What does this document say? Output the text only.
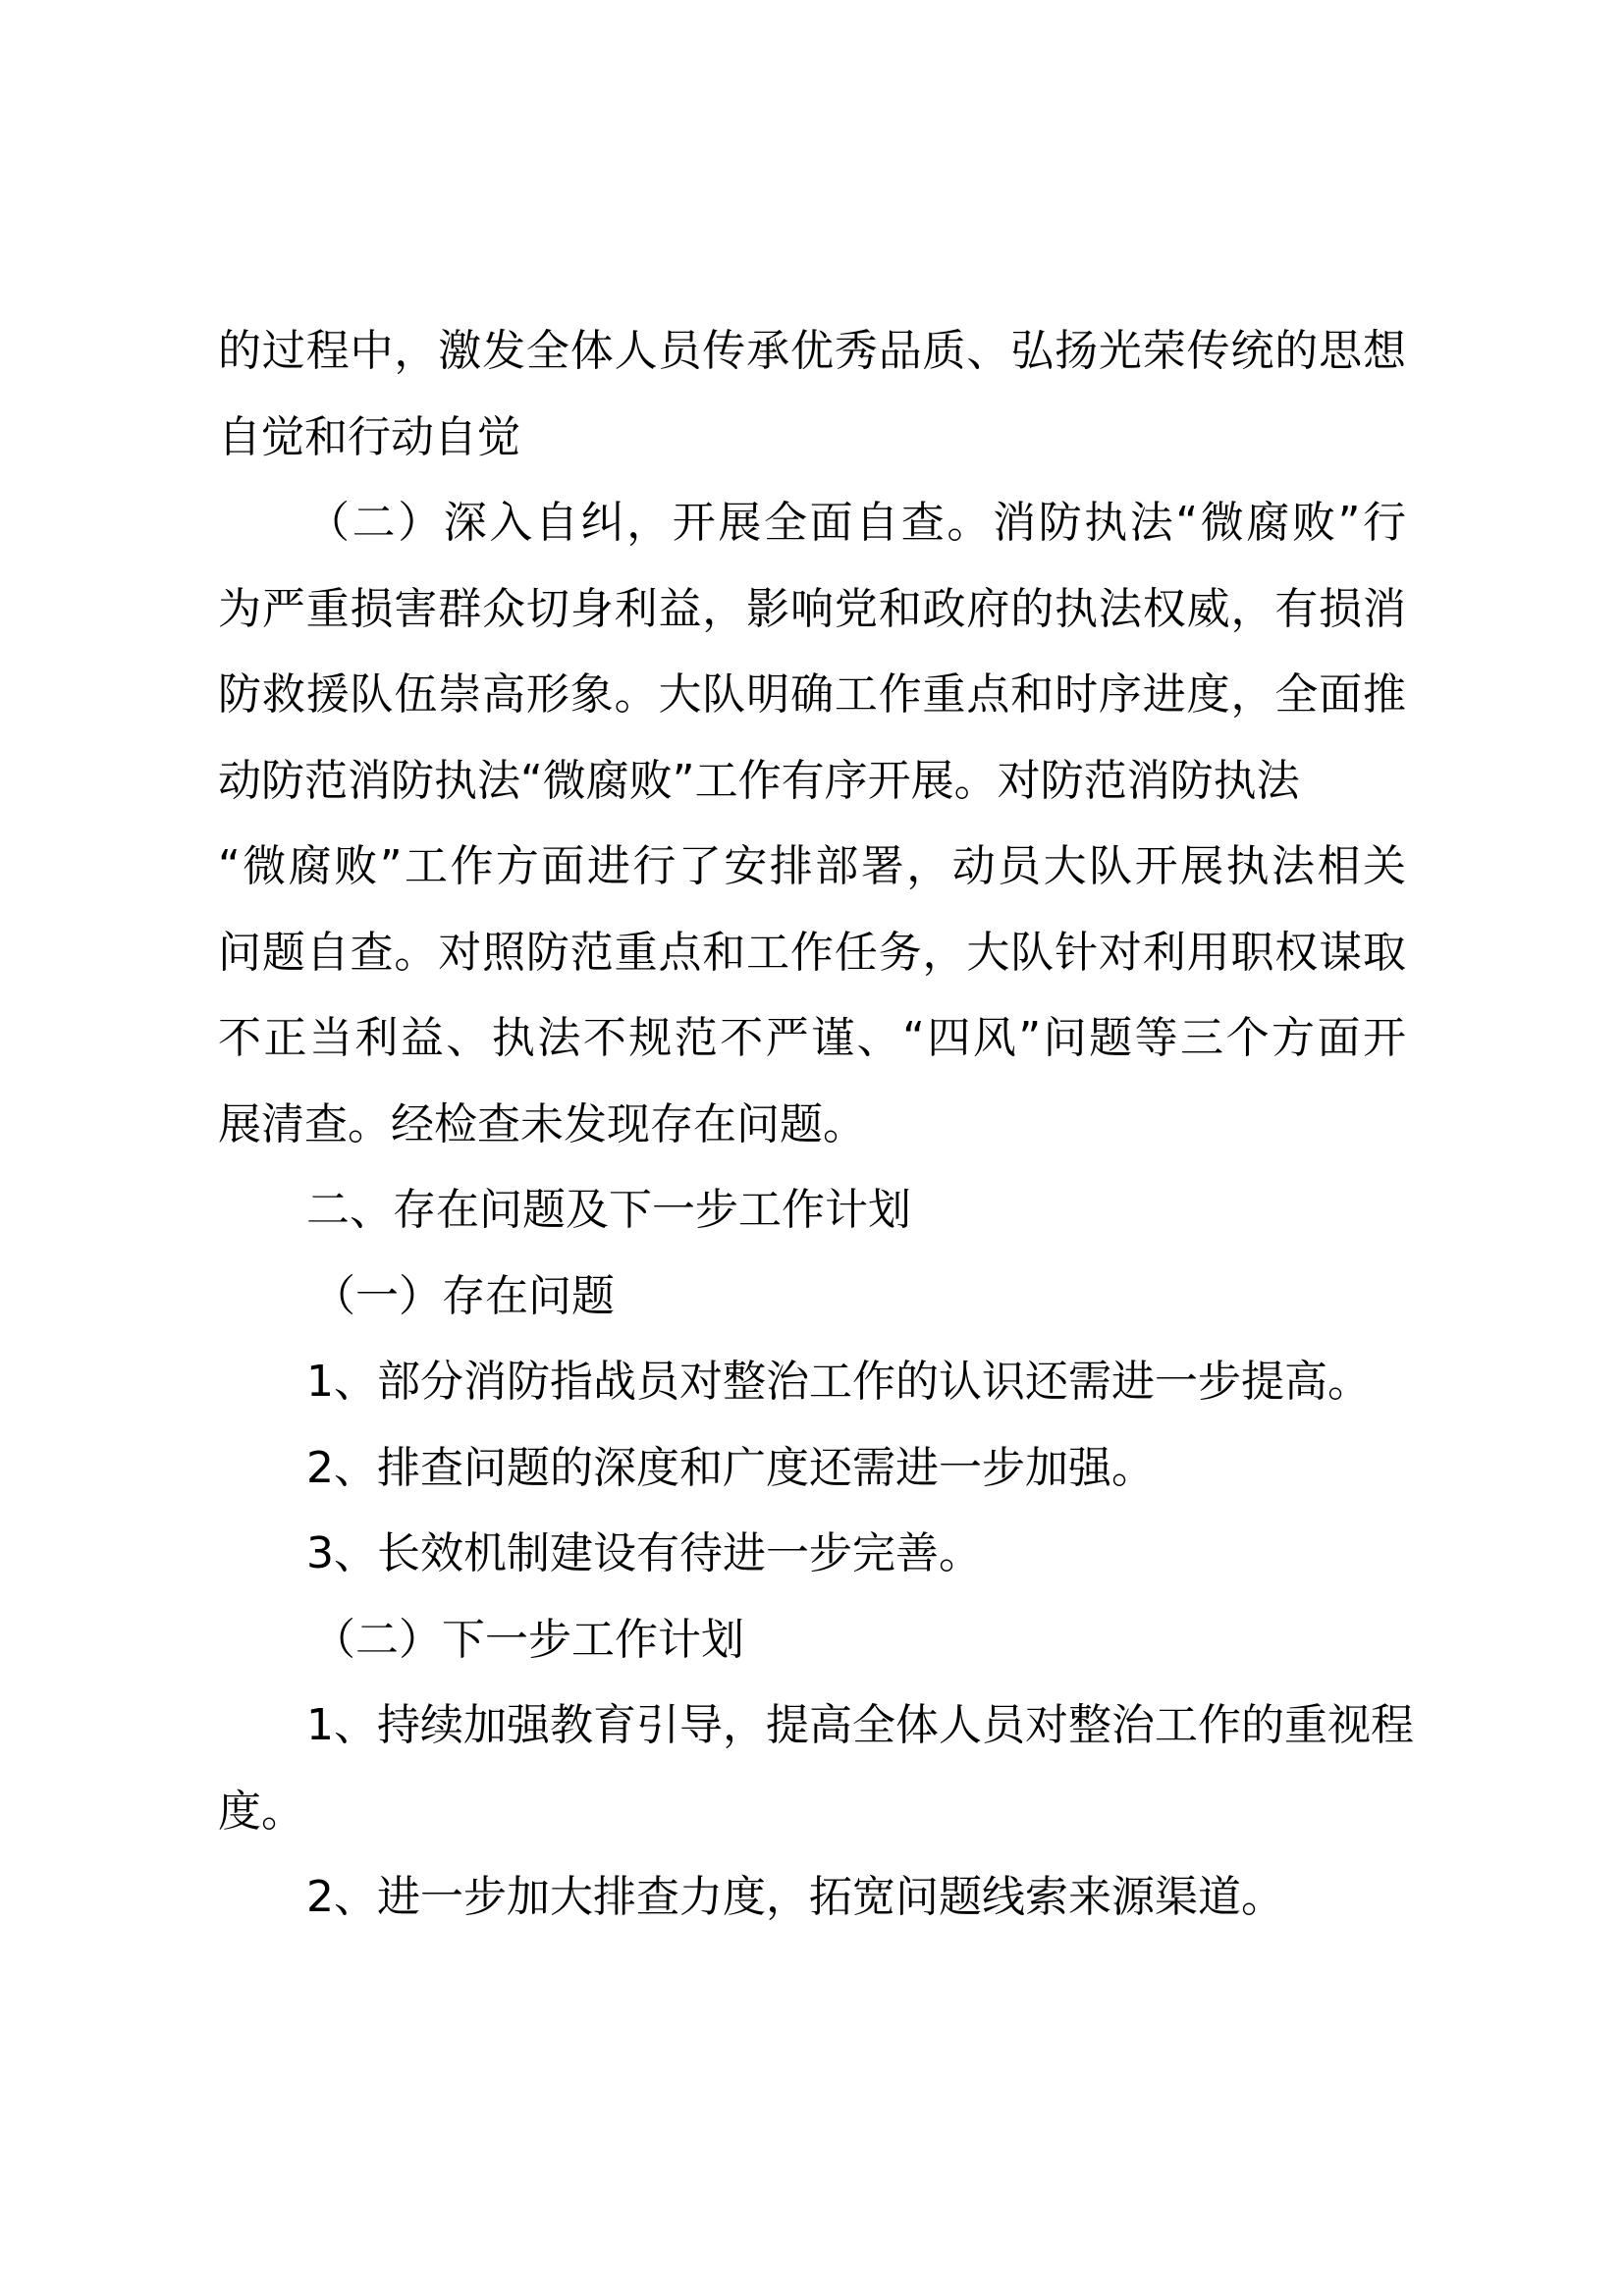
的过程中，激发全体人员传承优秀品质、弘扬光荣传统的思想
自觉和行动自觉
（二）深入自纠，开展全面自查。消防执法“微腐败”行
为严重损害群众切身利益，影响党和政府的执法权威，有损消
防救援队伍崇高形象。大队明确工作重点和时序进度，全面推
动防范消防执法“微腐败”工作有序开展。对防范消防执法
“微腐败”工作方面进行了安排部署，动员大队开展执法相关
问题自查。对照防范重点和工作任务，大队针对利用职权谋取
不正当利益、执法不规范不严谨、“四风”问题等三个方面开
展清查。经检查未发现存在问题。
二、存在问题及下一步工作计划
（一）存在问题
1、部分消防指战员对整治工作的认识还需进一步提高。
2、排查问题的深度和广度还需进一步加强。
3、长效机制建设有待进一步完善。
（二）下一步工作计划
1、持续加强教育引导，提高全体人员对整治工作的重视程
度。
2、进一步加大排查力度，拓宽问题线索来源渠道。
